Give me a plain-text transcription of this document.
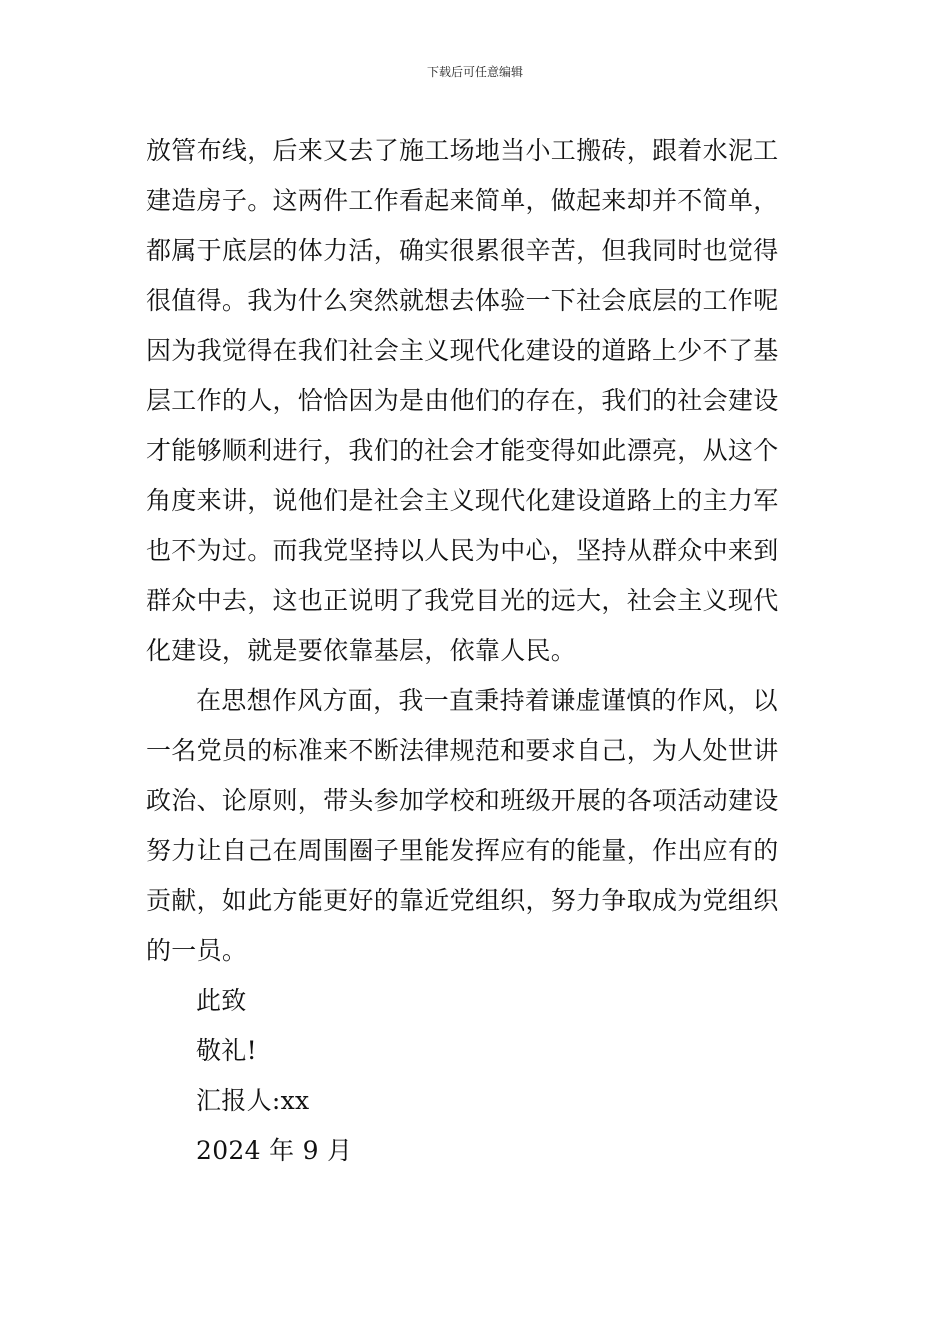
下载后可任意编辑
放管布线，后来又去了施工场地当小工搬砖，跟着水泥工
建造房子。这两件工作看起来简单，做起来却并不简单，
都属于底层的体力活，确实很累很辛苦，但我同时也觉得
很值得。我为什么突然就想去体验一下社会底层的工作呢
因为我觉得在我们社会主义现代化建设的道路上少不了基
层工作的人，恰恰因为是由他们的存在，我们的社会建设
才能够顺利进行，我们的社会才能变得如此漂亮，从这个
角度来讲，说他们是社会主义现代化建设道路上的主力军
也不为过。而我党坚持以人民为中心，坚持从群众中来到
群众中去，这也正说明了我党目光的远大，社会主义现代
化建设，就是要依靠基层，依靠人民。
在思想作风方面，我一直秉持着谦虚谨慎的作风，以
一名党员的标准来不断法律规范和要求自己，为人处世讲
政治、论原则，带头参加学校和班级开展的各项活动建设
努力让自己在周围圈子里能发挥应有的能量，作出应有的
贡献，如此方能更好的靠近党组织，努力争取成为党组织
的一员。
此致
敬礼!
汇报人:xx
2024 年 9 月
